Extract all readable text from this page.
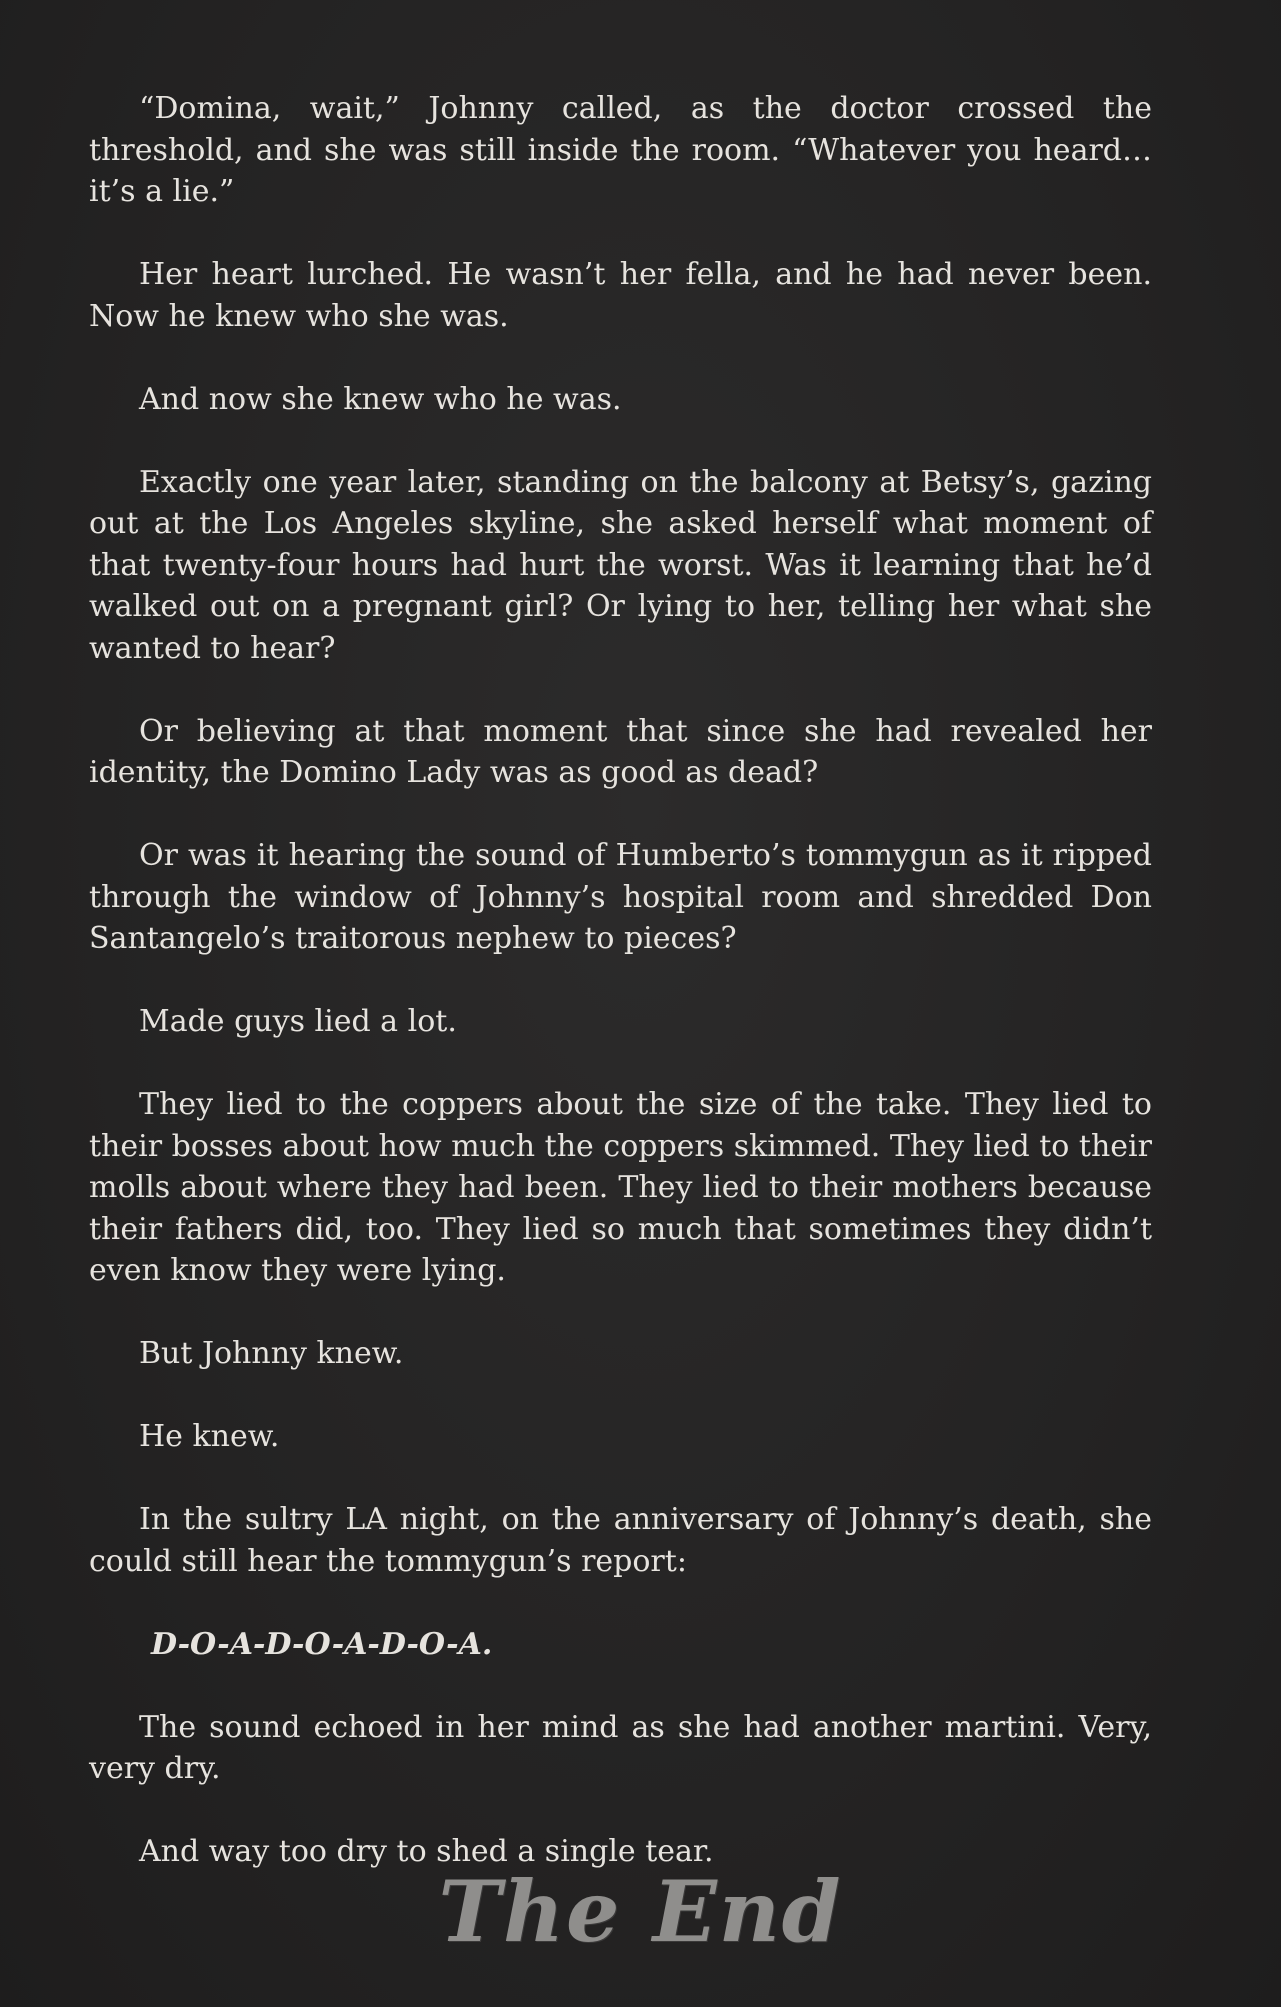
“Domina, wait,” Johnny called, as the doctor crossed the threshold, and she was still inside the room. “Whatever you heard…it’s a lie.”

Her heart lurched. He wasn’t her fella, and he had never been. Now he knew who she was.

And now she knew who he was.

Exactly one year later, standing on the balcony at Betsy’s, gazing out at the Los Angeles skyline, she asked herself what moment of that twenty-four hours had hurt the worst. Was it learning that he’d walked out on a pregnant girl? Or lying to her, telling her what she wanted to hear?

Or believing at that moment that since she had revealed her identity, the Domino Lady was as good as dead?

Or was it hearing the sound of Humberto’s tommygun as it ripped through the window of Johnny’s hospital room and shredded Don Santangelo’s traitorous nephew to pieces?

Made guys lied a lot.

They lied to the coppers about the size of the take. They lied to their bosses about how much the coppers skimmed. They lied to their molls about where they had been. They lied to their mothers because their fathers did, too. They lied so much that sometimes they didn’t even know they were lying.

But Johnny knew.

He knew.

In the sultry LA night, on the anniversary of Johnny’s death, she could still hear the tommygun’s report:

D-O-A-D-O-A-D-O-A.

The sound echoed in her mind as she had another martini. Very, very dry.

And way too dry to shed a single tear.

The End
